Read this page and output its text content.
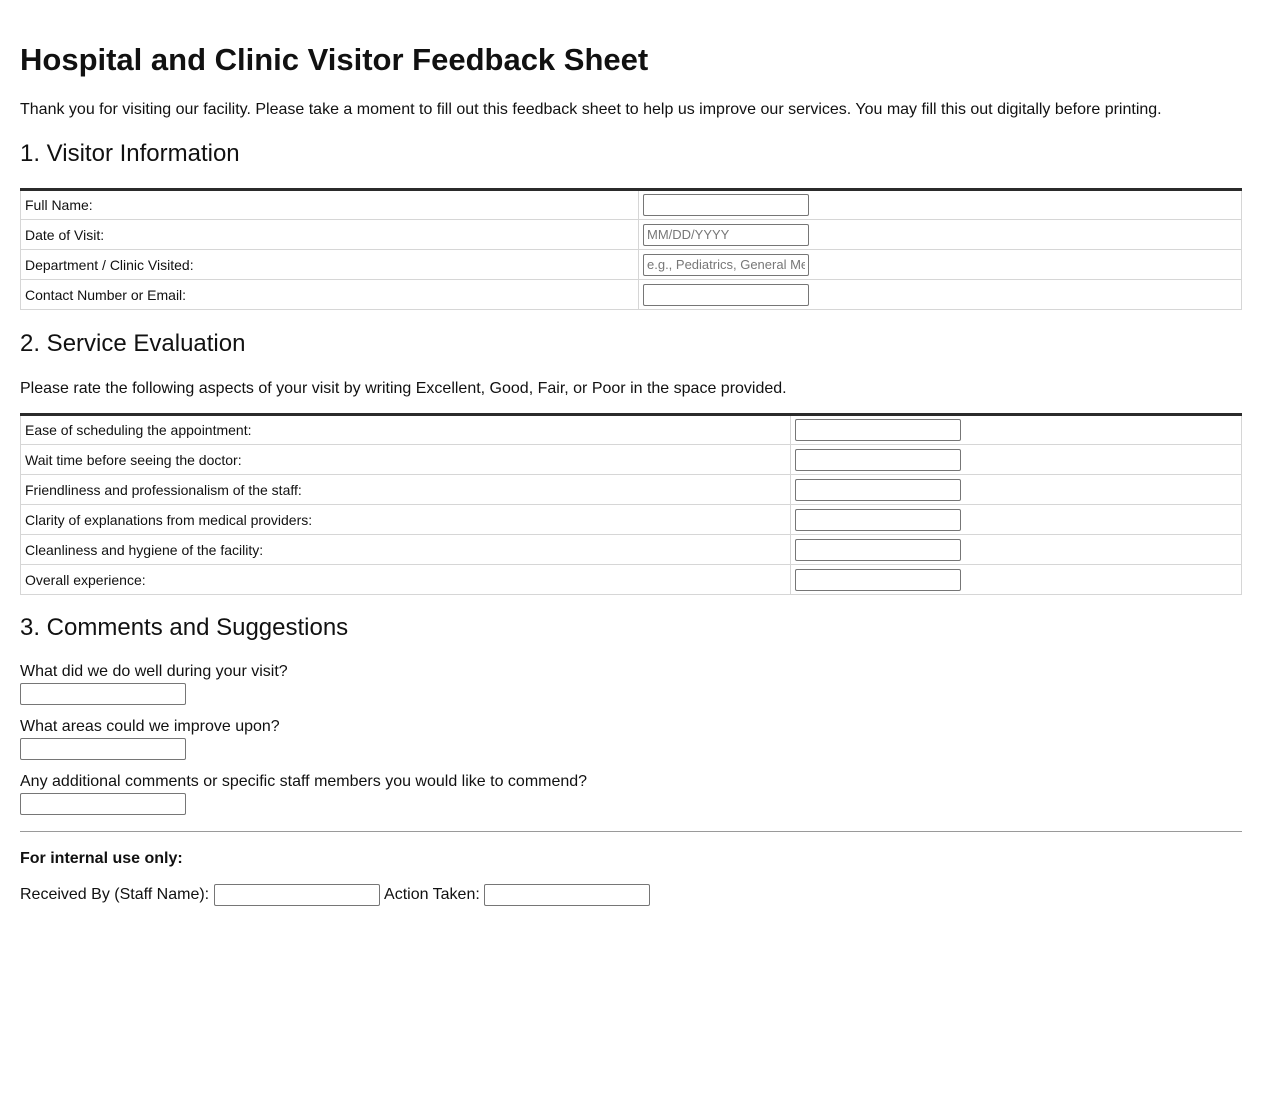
Hospital and Clinic Visitor Feedback Sheet
Thank you for visiting our facility. Please take a moment to fill out this feedback sheet to help us improve our services. You may fill this out digitally before printing.
1. Visitor Information
Full Name:	
Date of Visit:	MM/DD/YYYY
Department / Clinic Visited:	e.g., Pediatrics, General Medicine
Contact Number or Email:	
2. Service Evaluation
Please rate the following aspects of your visit by writing Excellent, Good, Fair, or Poor in the space provided.
Ease of scheduling the appointment:	
Wait time before seeing the doctor:	
Friendliness and professionalism of the staff:	
Clarity of explanations from medical providers:	
Cleanliness and hygiene of the facility:	
Overall experience:	
3. Comments and Suggestions
What did we do well during your visit?
What areas could we improve upon?
Any additional comments or specific staff members you would like to commend?
For internal use only:
Received By (Staff Name):	Action Taken:
